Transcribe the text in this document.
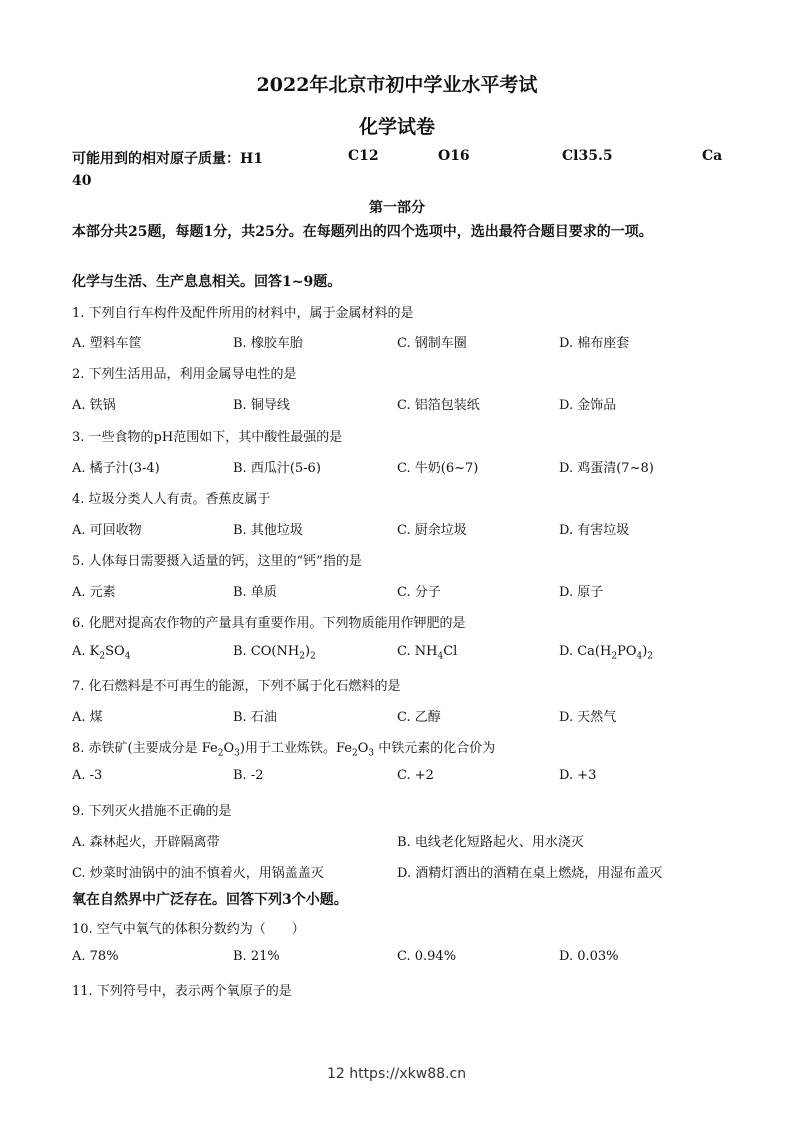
2022年北京市初中学业水平考试
化学试卷
可能用到的相对原子质量：H1	C12	O16	Cl35.5	Ca
40
第一部分
本部分共25题，每题1分，共25分。在每题列出的四个选项中，选出最符合题目要求的一项。
化学与生活、生产息息相关。回答1~9题。
1. 下列自行车构件及配件所用的材料中，属于金属材料的是
A. 塑料车筐	B. 橡胶车胎	C. 钢制车圈	D. 棉布座套
2. 下列生活用品，利用金属导电性的是
A. 铁锅	B. 铜导线	C. 铝箔包装纸	D. 金饰品
3. 一些食物的pH范围如下，其中酸性最强的是
A. 橘子汁(3-4)	B. 西瓜汁(5-6)	C. 牛奶(6~7)	D. 鸡蛋清(7~8)
4. 垃圾分类人人有责。香蕉皮属于
A. 可回收物	B. 其他垃圾	C. 厨余垃圾	D. 有害垃圾
5. 人体每日需要摄入适量的钙，这里的“钙”指的是
A. 元素	B. 单质	C. 分子	D. 原子
6. 化肥对提高农作物的产量具有重要作用。下列物质能用作钾肥的是
A. $K_2SO_4$	B. $CO(NH_2)_2$	C. $NH_4Cl$	D. $Ca(H_2PO_4)_2$
7. 化石燃料是不可再生的能源，下列不属于化石燃料的是
A. 煤	B. 石油	C. 乙醇	D. 天然气
8. 赤铁矿(主要成分是 $Fe_2O_3$)用于工业炼铁。$Fe_2O_3$ 中铁元素的化合价为
A. -3	B. -2	C. +2	D. +3
9. 下列灭火措施不正确的是
A. 森林起火，开辟隔离带	B. 电线老化短路起火、用水浇灭
C. 炒菜时油锅中的油不慎着火，用锅盖盖灭	D. 酒精灯洒出的酒精在桌上燃烧，用湿布盖灭
氧在自然界中广泛存在。回答下列3个小题。
10. 空气中氧气的体积分数约为（　　）
A. 78%	B. 21%	C. 0.94%	D. 0.03%
11. 下列符号中，表示两个氧原子的是
12 https://xkw88.cn
